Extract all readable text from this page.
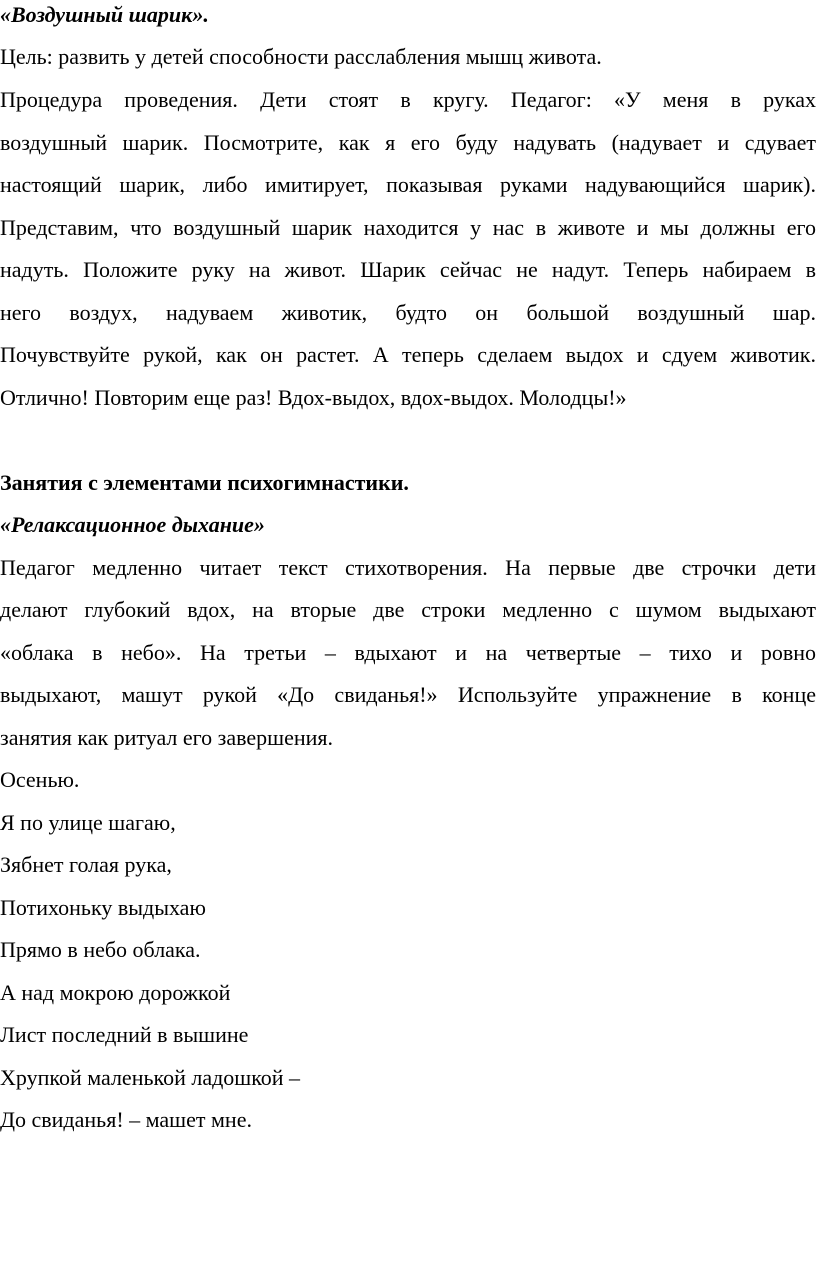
«Воздушный шарик».
Цель: развить у детей способности расслабления мышц живота.
Процедура проведения. Дети стоят в кругу. Педагог: «У меня в руках
воздушный шарик. Посмотрите, как я его буду надувать (надувает и сдувает
настоящий шарик, либо имитирует, показывая руками надувающийся шарик).
Представим, что воздушный шарик находится у нас в животе и мы должны его
надуть. Положите руку на живот. Шарик сейчас не надут. Теперь набираем в
него воздух, надуваем животик, будто он большой воздушный шар.
Почувствуйте рукой, как он растет. А теперь сделаем выдох и сдуем животик.
Отлично! Повторим еще раз! Вдох-выдох, вдох-выдох. Молодцы!»
Занятия с элементами психогимнастики.
«Релаксационное дыхание»
Педагог медленно читает текст стихотворения. На первые две строчки дети
делают глубокий вдох, на вторые две строки медленно с шумом выдыхают
«облака в небо». На третьи – вдыхают и на четвертые – тихо и ровно
выдыхают, машут рукой «До свиданья!» Используйте упражнение в конце
занятия как ритуал его завершения.
Осенью.
Я по улице шагаю,
Зябнет голая рука,
Потихоньку выдыхаю
Прямо в небо облака.
А над мокрою дорожкой
Лист последний в вышине
Хрупкой маленькой ладошкой –
До свиданья! – машет мне.
